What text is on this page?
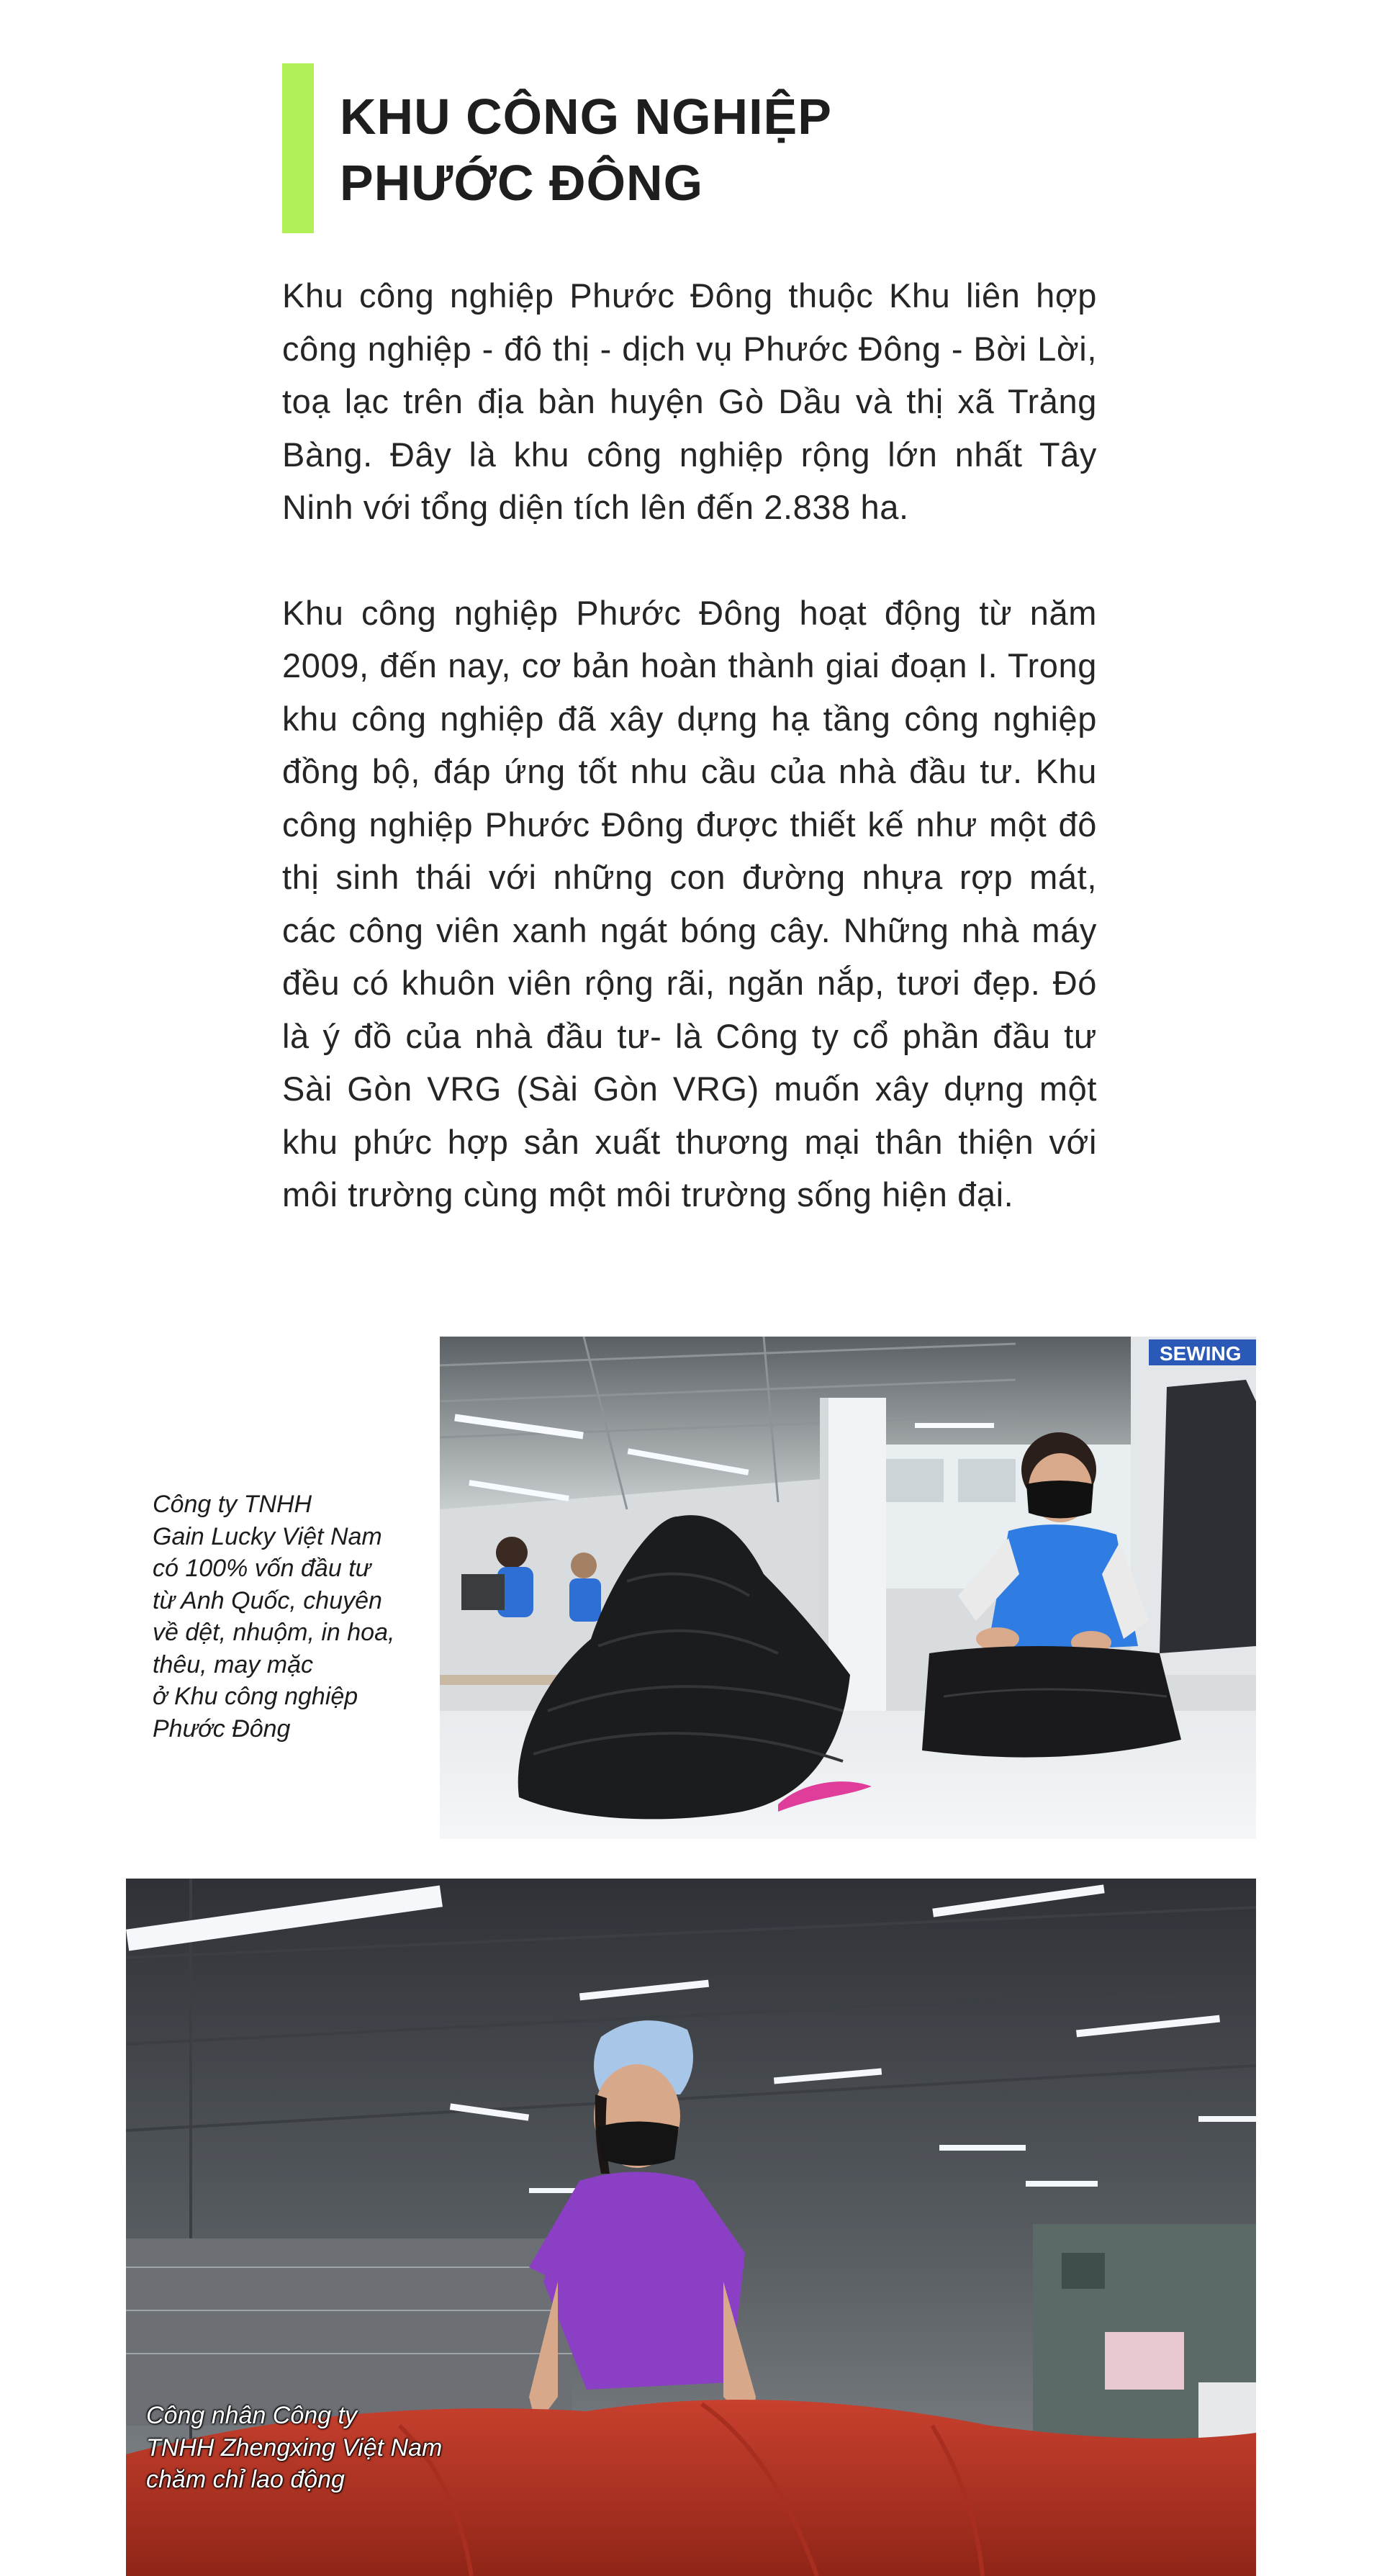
KHU CÔNG NGHIỆP
PHƯỚC ĐÔNG

Khu công nghiệp Phước Đông thuộc Khu liên hợp công nghiệp - đô thị - dịch vụ Phước Đông - Bời Lời, toạ lạc trên địa bàn huyện Gò Dầu và thị xã Trảng Bàng. Đây là khu công nghiệp rộng lớn nhất Tây Ninh với tổng diện tích lên đến 2.838 ha.

Khu công nghiệp Phước Đông hoạt động từ năm 2009, đến nay, cơ bản hoàn thành giai đoạn I. Trong khu công nghiệp đã xây dựng hạ tầng công nghiệp đồng bộ, đáp ứng tốt nhu cầu của nhà đầu tư. Khu công nghiệp Phước Đông được thiết kế như một đô thị sinh thái với những con đường nhựa rợp mát, các công viên xanh ngát bóng cây. Những nhà máy đều có khuôn viên rộng rãi, ngăn nắp, tươi đẹp. Đó là ý đồ của nhà đầu tư- là Công ty cổ phần đầu tư Sài Gòn VRG (Sài Gòn VRG) muốn xây dựng một khu phức hợp sản xuất thương mại thân thiện với môi trường cùng một môi trường sống hiện đại.

Công ty TNHH
Gain Lucky Việt Nam
có 100% vốn đầu tư
từ Anh Quốc, chuyên
về dệt, nhuộm, in hoa,
thêu, may mặc
ở Khu công nghiệp
Phước Đông
SEWING
Công nhân Công ty
TNHH Zhengxing Việt Nam
chăm chỉ lao động
